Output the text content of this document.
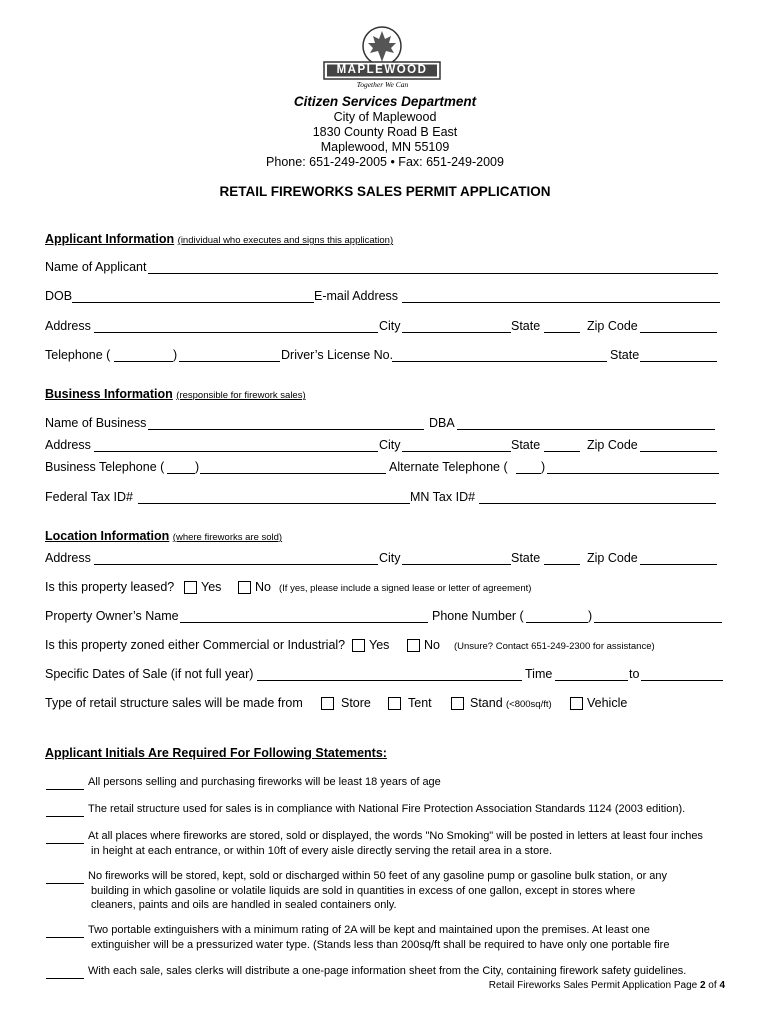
MAPLEWOOD
Together We Can
Citizen Services Department
City of Maplewood
1830 County Road B East
Maplewood, MN 55109
Phone: 651-249-2005 • Fax: 651-249-2009
RETAIL FIREWORKS SALES PERMIT APPLICATION
Applicant Information (individual who executes and signs this application)
Name of Applicant
DOB	E-mail Address
Address	City	State	Zip Code
Telephone (	)	Driver’s License No.	State
Business Information (responsible for firework sales)
Name of Business	DBA
Address	City	State	Zip Code
Business Telephone ( )	Alternate Telephone (	)
Federal Tax ID#	MN Tax ID#
Location Information (where fireworks are sold)
Address	City	State	Zip Code
Is this property leased? Yes	No (If yes, please include a signed lease or letter of agreement)
Property Owner’s Name	Phone Number (	)
Is this property zoned either Commercial or Industrial? Yes	No (Unsure? Contact 651-249-2300 for assistance)
Specific Dates of Sale (if not full year)	Time	to
Type of retail structure sales will be made from	Store	Tent	Stand (<800sq/ft)	Vehicle
Applicant Initials Are Required For Following Statements:
All persons selling and purchasing fireworks will be least 18 years of age
The retail structure used for sales is in compliance with National Fire Protection Association Standards 1124 (2003 edition).
At all places where fireworks are stored, sold or displayed, the words "No Smoking" will be posted in letters at least four inches
in height at each entrance, or within 10ft of every aisle directly serving the retail area in a store.
No fireworks will be stored, kept, sold or discharged within 50 feet of any gasoline pump or gasoline bulk station, or any
building in which gasoline or volatile liquids are sold in quantities in excess of one gallon, except in stores where cleaners, paints and oils are handled in sealed containers only.
Two portable extinguishers with a minimum rating of 2A will be kept and maintained upon the premises. At least one
extinguisher will be a pressurized water type. (Stands less than 200sq/ft shall be required to have only one portable fire
With each sale, sales clerks will distribute a one-page information sheet from the City, containing firework safety guidelines.
Retail Fireworks Sales Permit Application Page 2 of 4
